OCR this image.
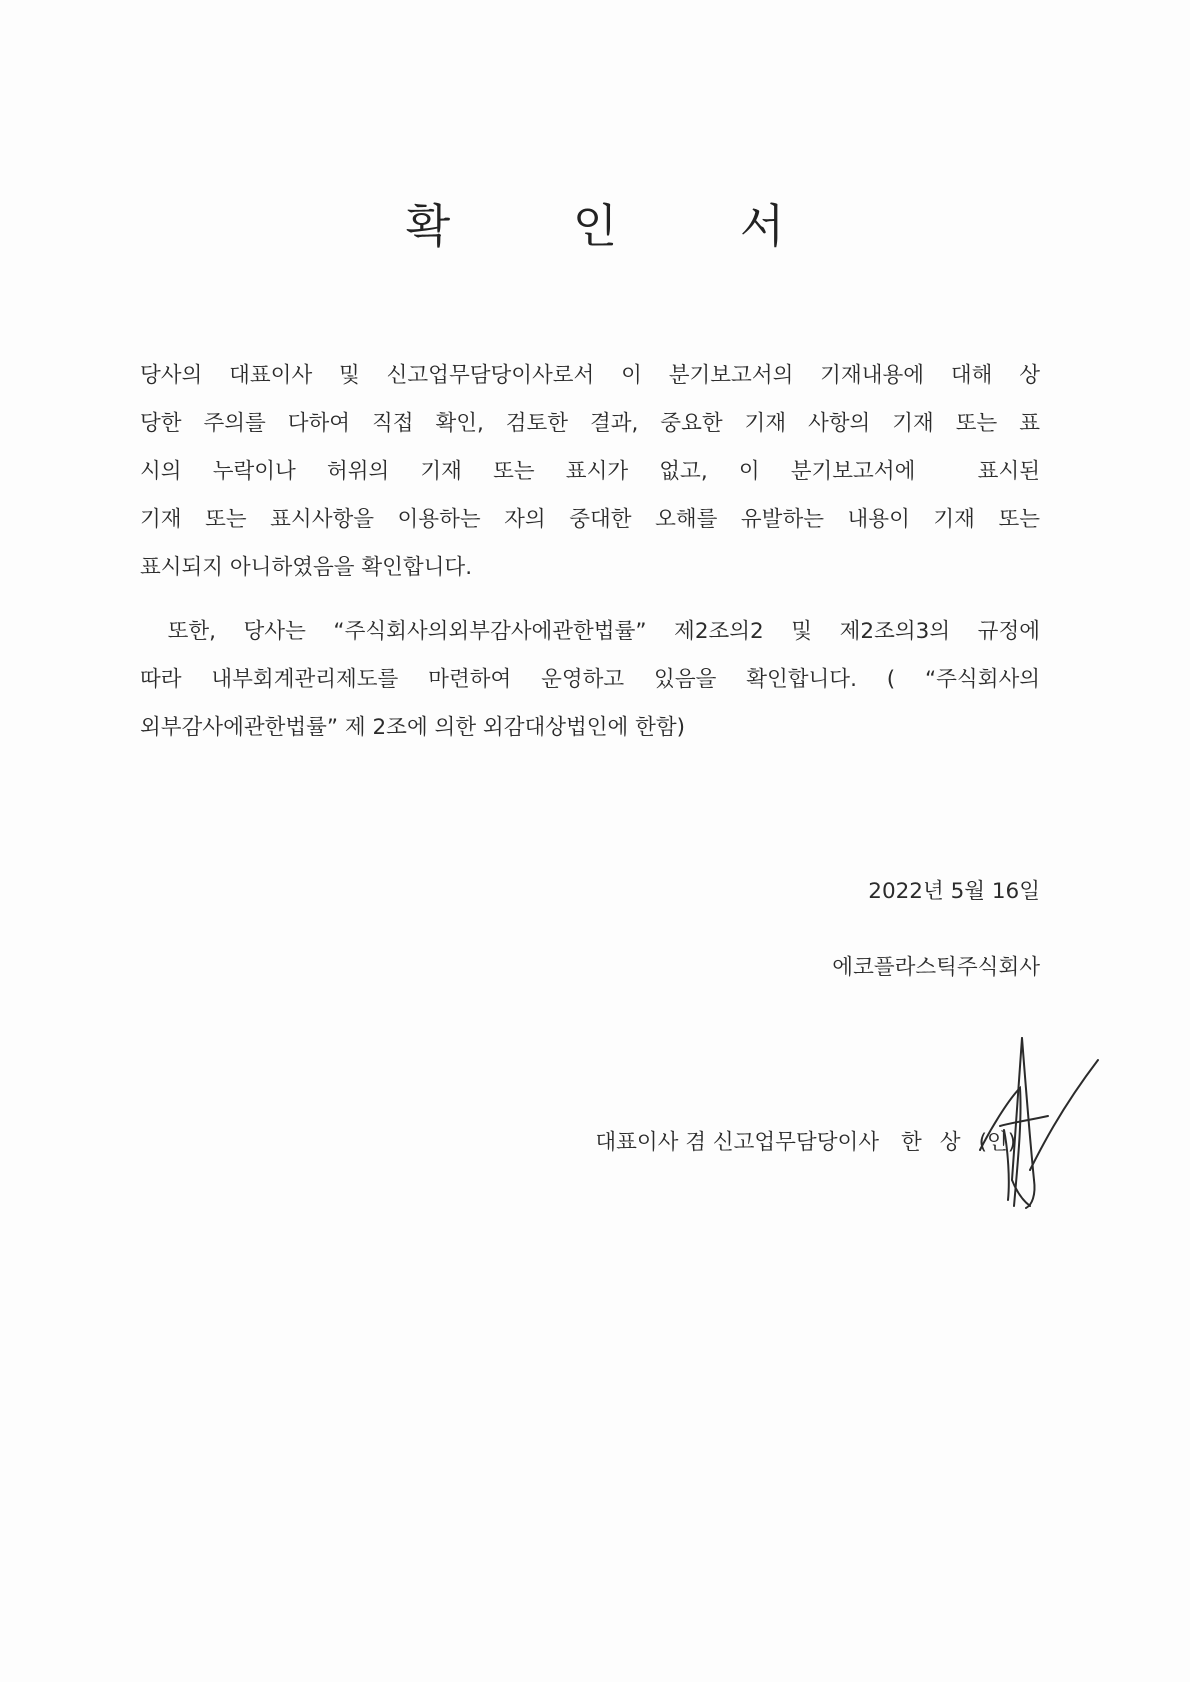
확 인 서
당사의 대표이사 및 신고업무담당이사로서 이 분기보고서의 기재내용에 대해 상
당한 주의를 다하여 직접 확인, 검토한 결과, 중요한 기재 사항의 기재 또는 표
시의 누락이나 허위의 기재 또는 표시가 없고, 이 분기보고서에  표시된
기재 또는 표시사항을 이용하는 자의 중대한 오해를 유발하는 내용이 기재 또는
표시되지 아니하였음을 확인합니다.
또한, 당사는 “주식회사의외부감사에관한법률” 제2조의2 및 제2조의3의 규정에
따라 내부회계관리제도를 마련하여 운영하고 있음을 확인합니다. ( “주식회사의
외부감사에관한법률” 제 2조에 의한 외감대상법인에 한함)
2022년 5월 16일
에코플라스틱주식회사

대표이사 겸 신고업무담당이사 한 상 (인)
